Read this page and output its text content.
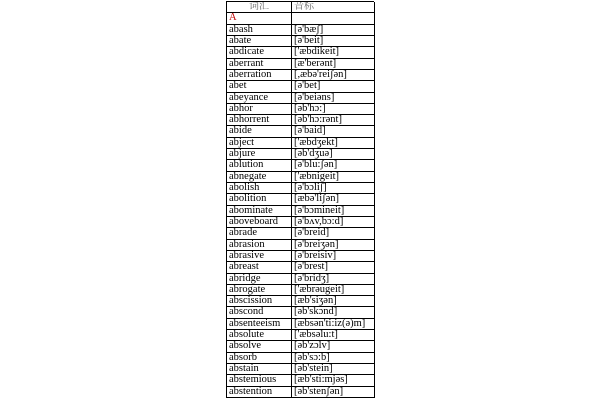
词汇	音标
A
abash	[ə'bæʃ]
abate	[ə'beit]
abdicate	['æbdikeit]
aberrant	[æ'berənt]
aberration	[,æbə'reiʃən]
abet	[ə'bet]
abeyance	[ə'beiəns]
abhor	[əb'hɔ:]
abhorrent	[əb'hɔ:rənt]
abide	[ə'baid]
abject	['æbdʒekt]
abjure	[əb'dʒuə]
ablution	[ə'blu:ʃən]
abnegate	['æbnigeit]
abolish	[ə'bɔliʃ]
abolition	[æbə'liʃən]
abominate	[ə'bɔmineit]
aboveboard	[ə'bʌv,bɔ:d]
abrade	[ə'breid]
abrasion	[ə'breiʒən]
abrasive	[ə'breisiv]
abreast	[ə'brest]
abridge	[ə'bridʒ]
abrogate	['æbrəugeit]
abscission	[æb'siʒən]
abscond	[əb'skɔnd]
absenteeism	[æbsən'ti:iz(ə)m]
absolute	['æbsəlu:t]
absolve	[əb'zɔlv]
absorb	[əb'sɔ:b]
abstain	[əb'stein]
abstemious	[æb'sti:mjəs]
abstention	[əb'stenʃən]
